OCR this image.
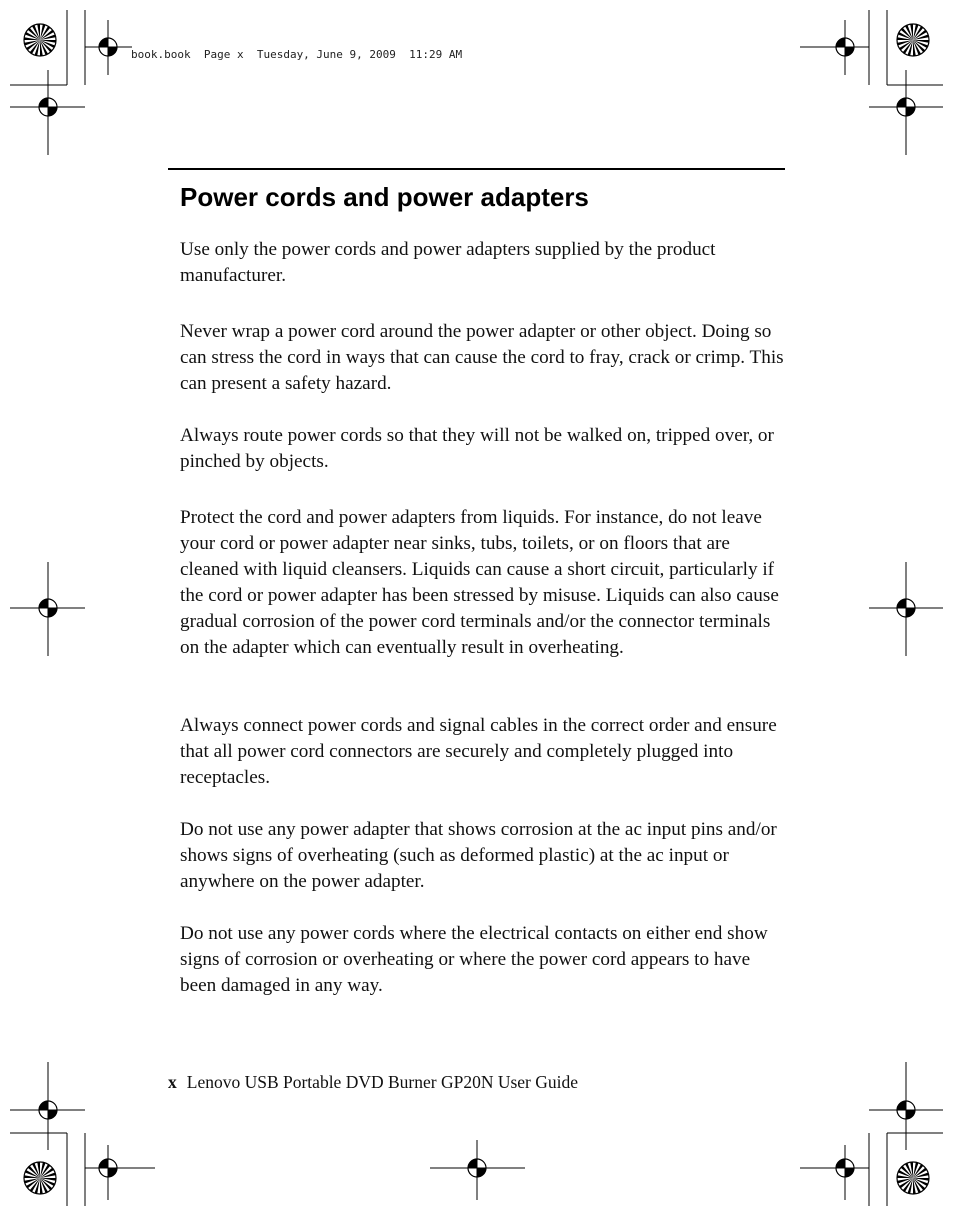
book.book  Page x  Tuesday, June 9, 2009  11:29 AM
Power cords and power adapters

Use only the power cords and power adapters supplied by the product manufacturer.

Never wrap a power cord around the power adapter or other object. Doing so can stress the cord in ways that can cause the cord to fray, crack or crimp. This can present a safety hazard.

Always route power cords so that they will not be walked on, tripped over, or pinched by objects.

Protect the cord and power adapters from liquids. For instance, do not leave your cord or power adapter near sinks, tubs, toilets, or on floors that are cleaned with liquid cleansers. Liquids can cause a short circuit, particularly if the cord or power adapter has been stressed by misuse. Liquids can also cause gradual corrosion of the power cord terminals and/or the connector terminals on the adapter which can eventually result in overheating.

Always connect power cords and signal cables in the correct order and ensure that all power cord connectors are securely and completely plugged into receptacles.

Do not use any power adapter that shows corrosion at the ac input pins and/or shows signs of overheating (such as deformed plastic) at the ac input or anywhere on the power adapter.

Do not use any power cords where the electrical contacts on either end show signs of corrosion or overheating or where the power cord appears to have been damaged in any way.

x Lenovo USB Portable DVD Burner GP20N User Guide
